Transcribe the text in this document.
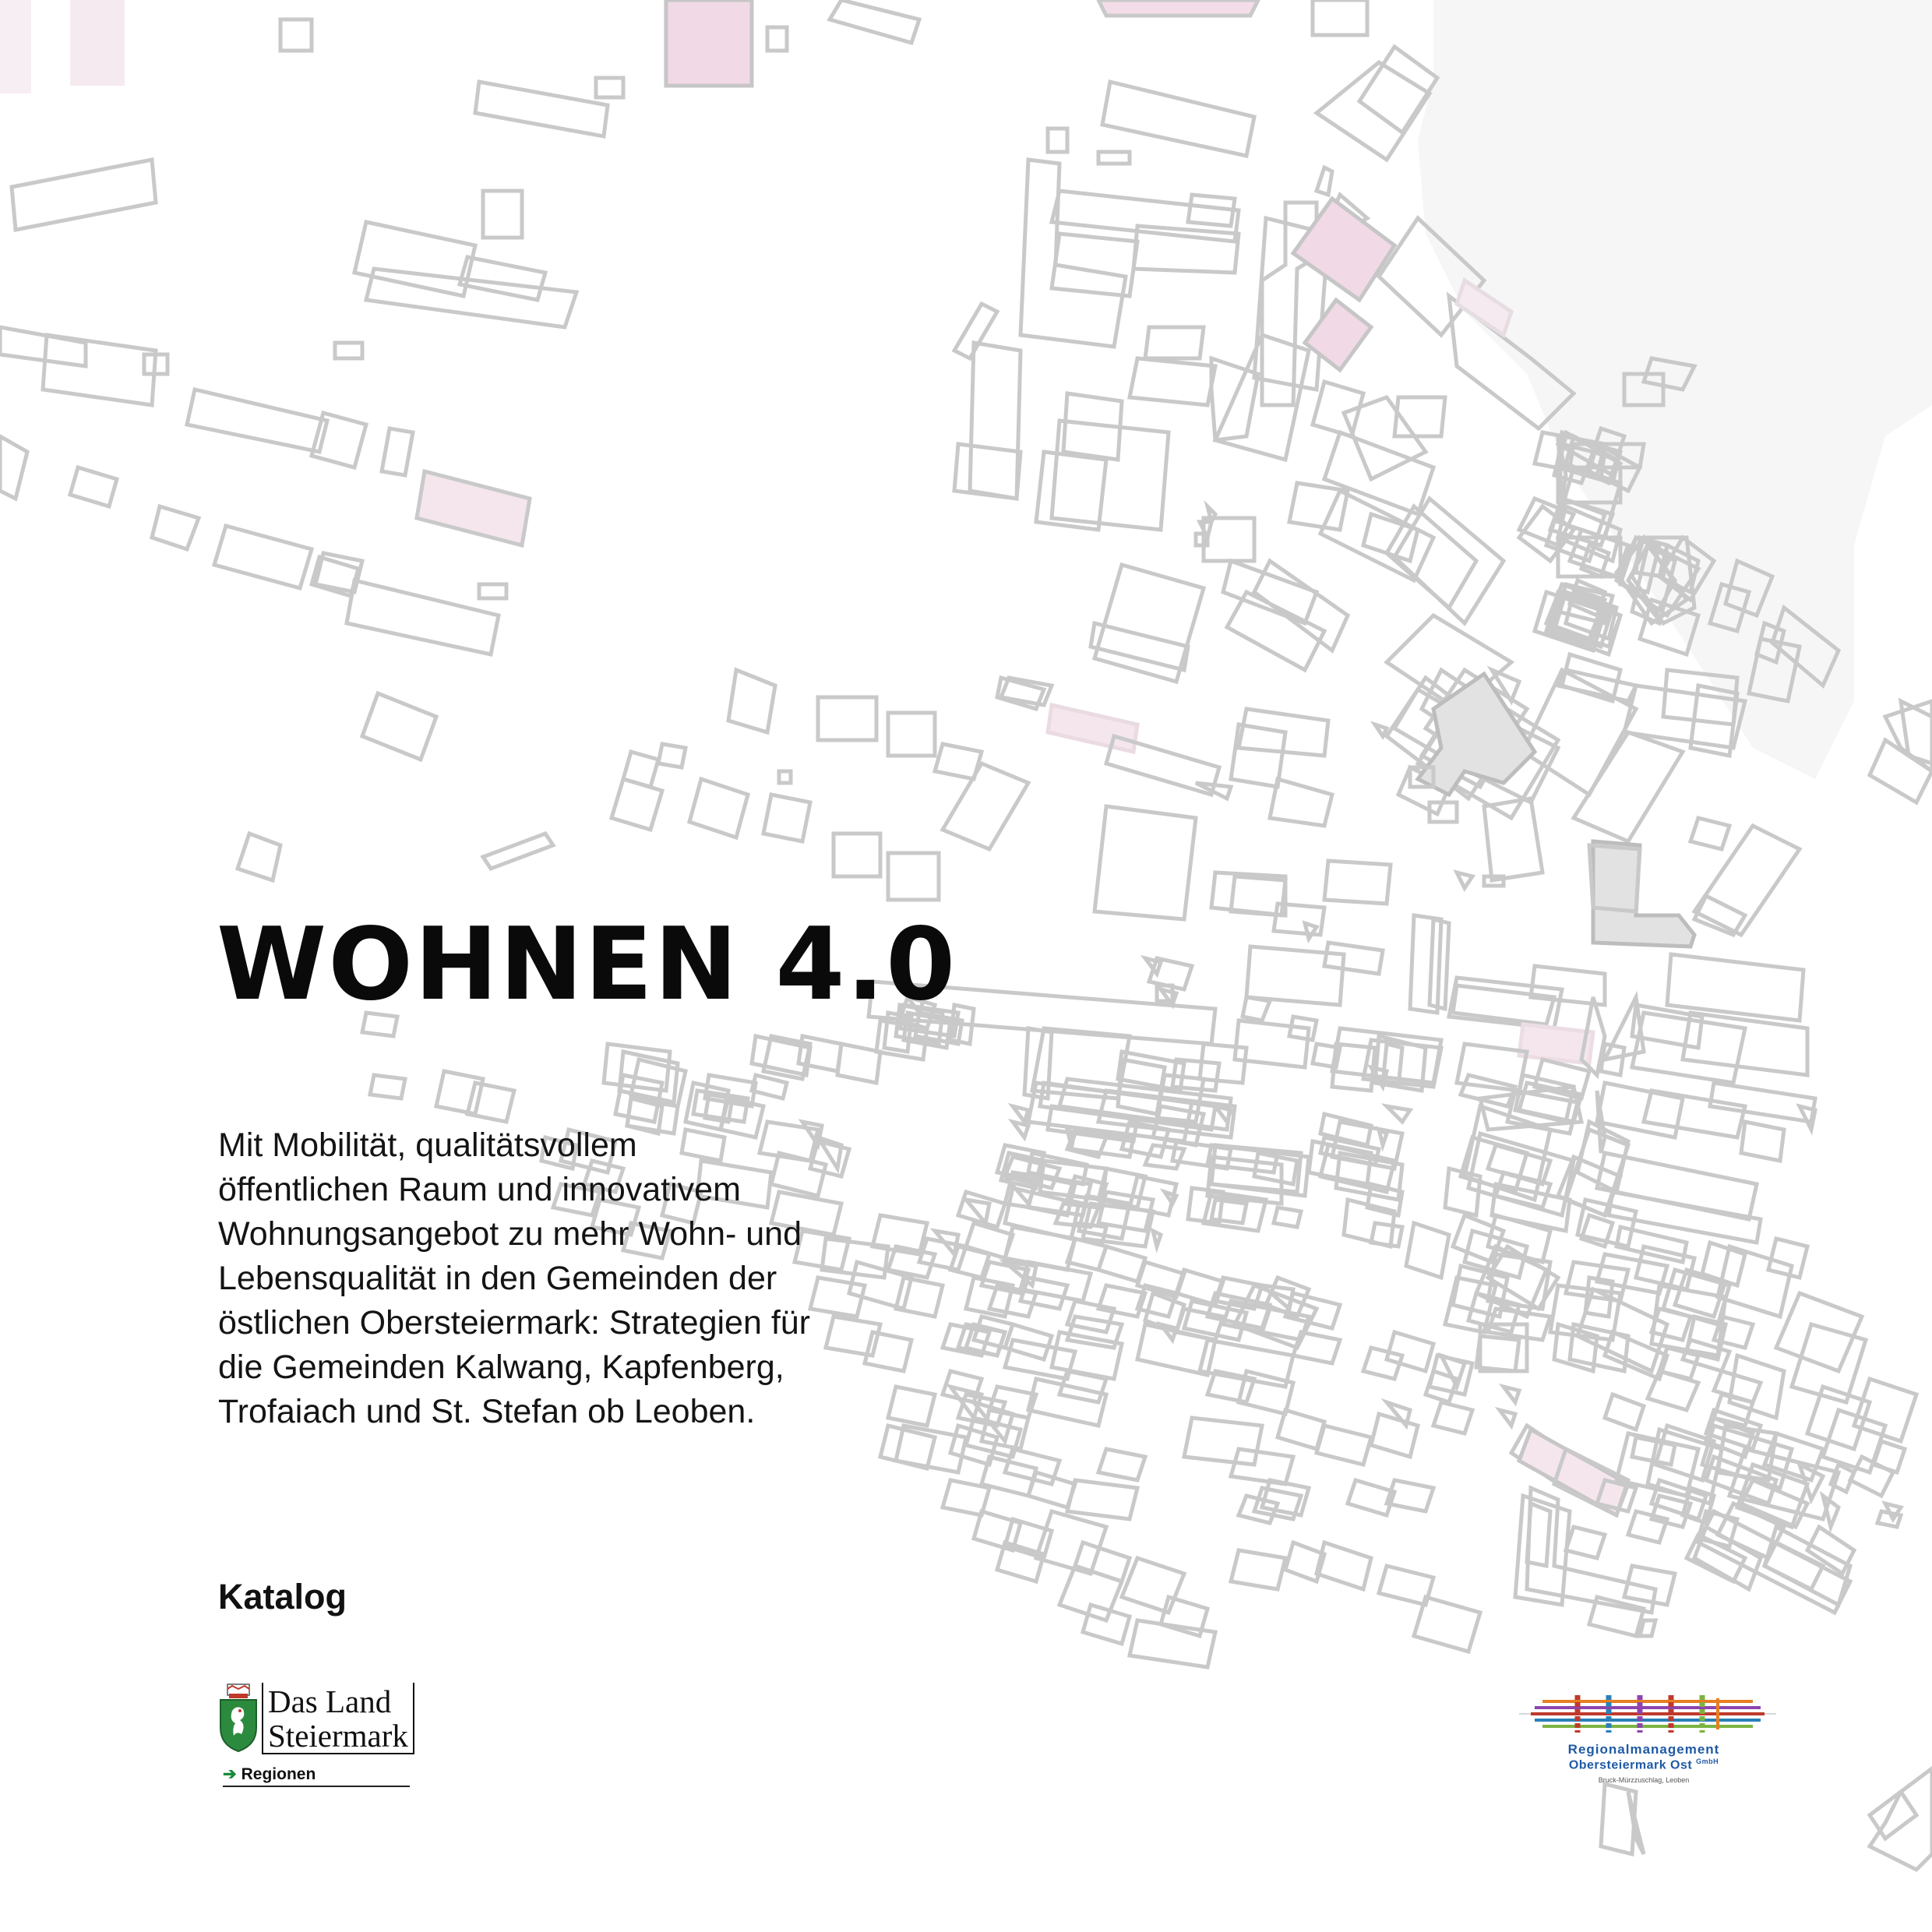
WOHNEN 4.0

Mit Mobilität, qualitätsvollem
öffentlichen Raum und innovativem
Wohnungsangebot zu mehr Wohn- und
Lebensqualität in den Gemeinden der
östlichen Obersteiermark: Strategien für
die Gemeinden Kalwang, Kapfenberg,
Trofaiach und St. Stefan ob Leoben.

Katalog

Das Land
Steiermark
➔ Regionen
Regionalmanagement
Obersteiermark Ost $^{GmbH}$
Bruck-Mürzzuschlag, Leoben
